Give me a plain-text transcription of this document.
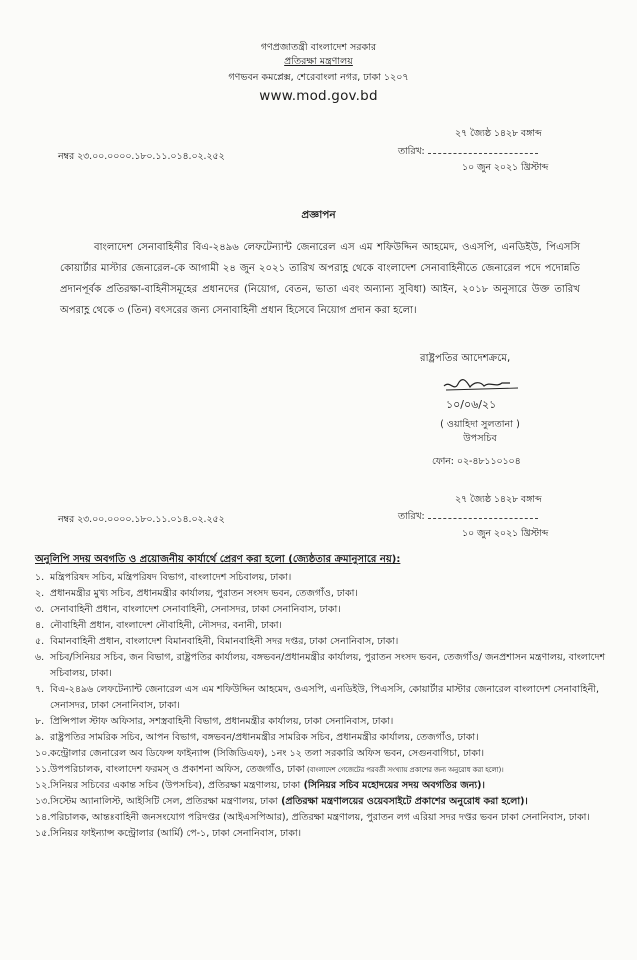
গণপ্রজাতন্ত্রী বাংলাদেশ সরকার
প্রতিরক্ষা মন্ত্রণালয়
গণভবন কমপ্লেক্স, শেরেবাংলা নগর, ঢাকা ১২০৭
www.mod.gov.bd
২৭ জ্যৈষ্ঠ ১৪২৮ বঙ্গাব্দ
নম্বর ২৩.০০.০০০০.১৮০.১১.০১৪.০২.২৫২	তারিখ:
১০ জুন ২০২১ খ্রিস্টাব্দ
প্রজ্ঞাপন

বাংলাদেশ সেনাবাহিনীর বিএ-২৪৯৬ লেফটেন্যান্ট জেনারেল এস এম শফিউদ্দিন আহমেদ, ওএসপি, এনডিইউ, পিএসসি কোয়ার্টার মাস্টার জেনারেল-কে আগামী ২৪ জুন ২০২১ তারিখ অপরাহ্ণ থেকে বাংলাদেশ সেনাবাহিনীতে জেনারেল পদে পদোন্নতি প্রদানপূর্বক প্রতিরক্ষা-বাহিনীসমূহের প্রধানদের (নিয়োগ, বেতন, ভাতা এবং অন্যান্য সুবিধা) আইন, ২০১৮ অনুসারে উক্ত তারিখ অপরাহ্ণ থেকে ৩ (তিন) বৎসরের জন্য সেনাবাহিনী প্রধান হিসেবে নিয়োগ প্রদান করা হলো।

রাষ্ট্রপতির আদেশক্রমে,
১০/০৬/২১
( ওয়াহিদা সুলতানা )
উপসচিব
ফোন: ০২-৪৮১১০১০৪
২৭ জ্যৈষ্ঠ ১৪২৮ বঙ্গাব্দ
নম্বর ২৩.০০.০০০০.১৮০.১১.০১৪.০২.২৫২	তারিখ:
১০ জুন ২০২১ খ্রিস্টাব্দ
অনুলিপি সদয় অবগতি ও প্রয়োজনীয় কার্যার্থে প্রেরণ করা হলো (জ্যেষ্ঠতার ক্রমানুসারে নয়):
১. মন্ত্রিপরিষদ সচিব, মন্ত্রিপরিষদ বিভাগ, বাংলাদেশ সচিবালয়, ঢাকা।
২. প্রধানমন্ত্রীর মুখ্য সচিব, প্রধানমন্ত্রীর কার্যালয়, পুরাতন সংসদ ভবন, তেজগাঁও, ঢাকা।
৩. সেনাবাহিনী প্রধান, বাংলাদেশ সেনাবাহিনী, সেনাসদর, ঢাকা সেনানিবাস, ঢাকা।
৪. নৌবাহিনী প্রধান, বাংলাদেশ নৌবাহিনী, নৌসদর, বনানী, ঢাকা।
৫. বিমানবাহিনী প্রধান, বাংলাদেশ বিমানবাহিনী, বিমানবাহিনী সদর দপ্তর, ঢাকা সেনানিবাস, ঢাকা।
৬. সচিব/সিনিয়র সচিব, জন বিভাগ, রাষ্ট্রপতির কার্যালয়, বঙ্গভবন/প্রধানমন্ত্রীর কার্যালয়, পুরাতন সংসদ ভবন, তেজগাঁও/ জনপ্রশাসন মন্ত্রণালয়, বাংলাদেশ সচিবালয়, ঢাকা।
৭. বিএ-২৪৯৬ লেফটেন্যান্ট জেনারেল এস এম শফিউদ্দিন আহমেদ, ওএসপি, এনডিইউ, পিএসসি, কোয়ার্টার মাস্টার জেনারেল বাংলাদেশ সেনাবাহিনী, সেনাসদর, ঢাকা সেনানিবাস, ঢাকা।
৮. প্রিন্সিপাল স্টাফ অফিসার, সশস্ত্রবাহিনী বিভাগ, প্রধানমন্ত্রীর কার্যালয়, ঢাকা সেনানিবাস, ঢাকা।
৯. রাষ্ট্রপতির সামরিক সচিব, আপন বিভাগ, বঙ্গভবন/প্রধানমন্ত্রীর সামরিক সচিব, প্রধানমন্ত্রীর কার্যালয়, তেজগাঁও, ঢাকা।
১০. কন্ট্রোলার জেনারেল অব ডিফেন্স ফাইন্যান্স (সিজিডিএফ), ১নং ১২ তলা সরকারি অফিস ভবন, সেগুনবাগিচা, ঢাকা।
১১. উপপরিচালক, বাংলাদেশ ফরমস্ ও প্রকাশনা অফিস, তেজগাঁও, ঢাকা (বাংলাদেশ গেজেটের পরবর্তী সংখ্যায় প্রকাশের জন্য অনুরোধ করা হলো)।
১২. সিনিয়র সচিবের একান্ত সচিব (উপসচিব), প্রতিরক্ষা মন্ত্রণালয়, ঢাকা (সিনিয়র সচিব মহোদয়ের সদয় অবগতির জন্য)।
১৩. সিস্টেম অ্যানালিস্ট, আইসিটি সেল, প্রতিরক্ষা মন্ত্রণালয়, ঢাকা (প্রতিরক্ষা মন্ত্রণালয়ের ওয়েবসাইটে প্রকাশের অনুরোধ করা হলো)।
১৪. পরিচালক, আন্তঃবাহিনী জনসংযোগ পরিদপ্তর (আইএসপিআর), প্রতিরক্ষা মন্ত্রণালয়, পুরাতন লগ এরিয়া সদর দপ্তর ভবন ঢাকা সেনানিবাস, ঢাকা।
১৫. সিনিয়র ফাইন্যান্স কন্ট্রোলার (আর্মি) পে-১, ঢাকা সেনানিবাস, ঢাকা।
